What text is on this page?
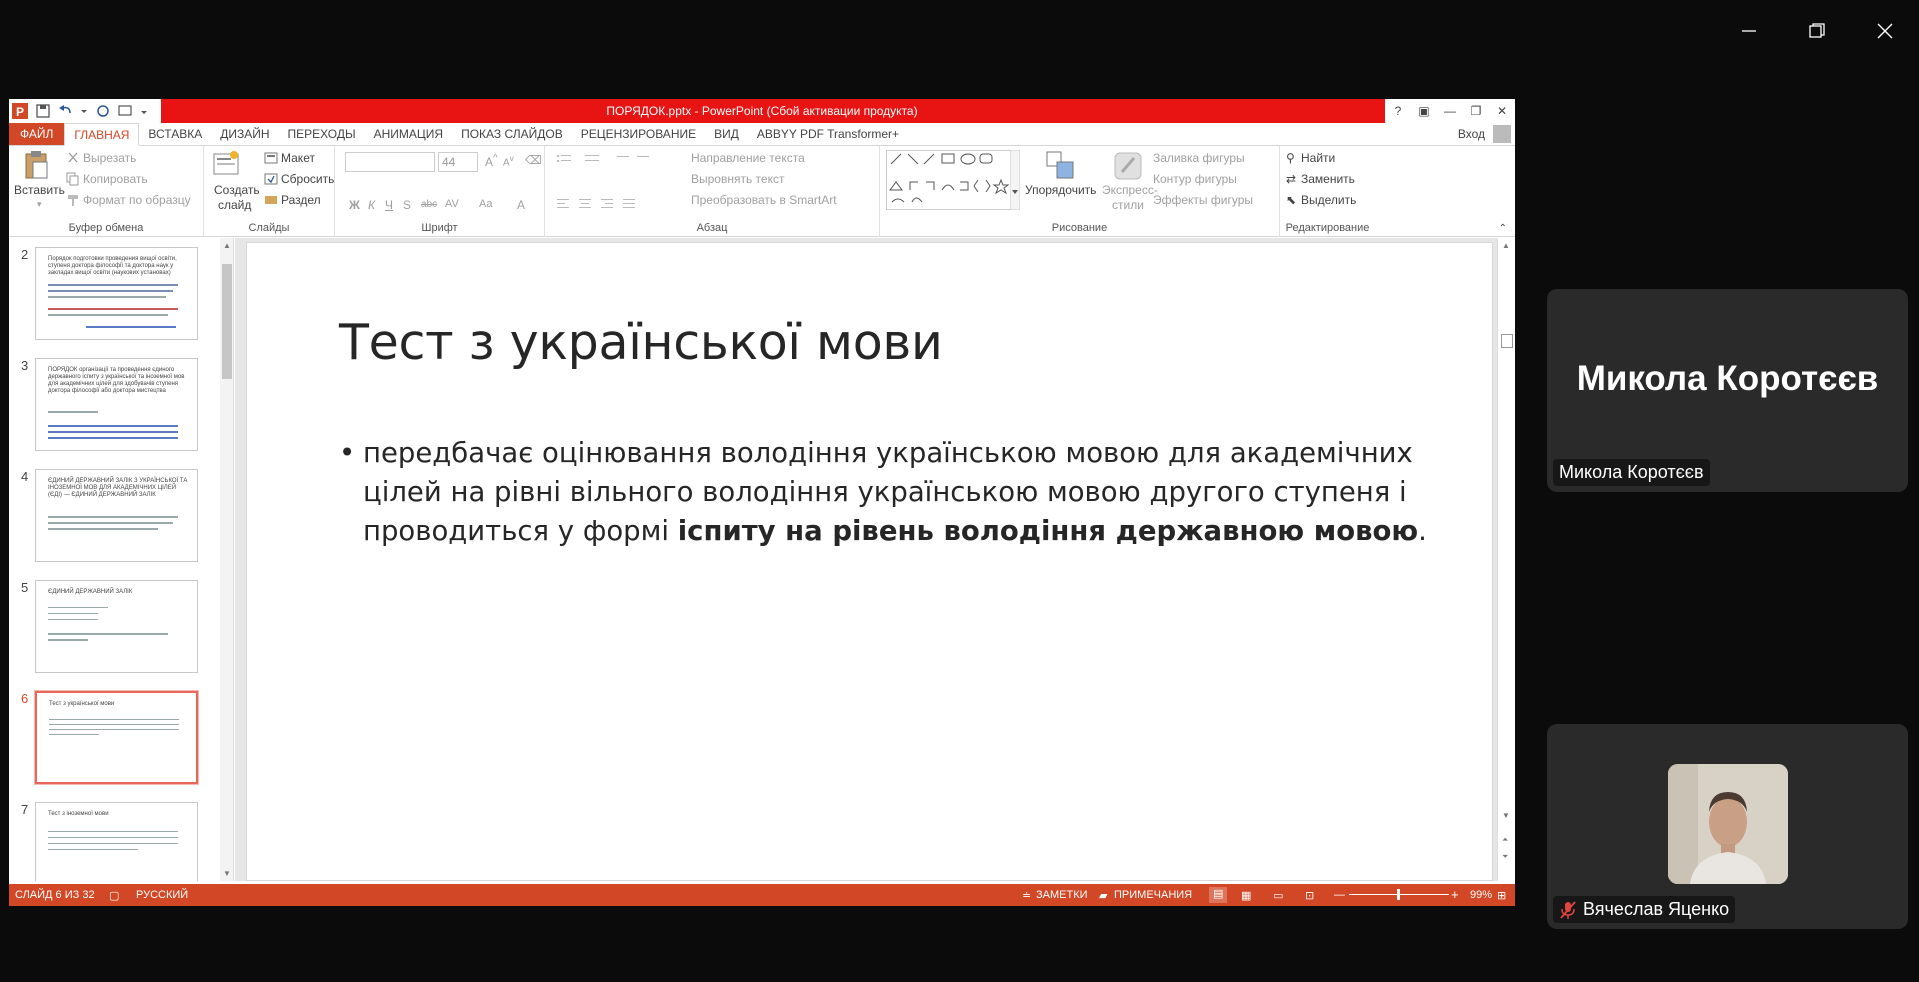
P	ПОРЯДОК.pptx - PowerPoint (Сбой активации продукта)	?	▣	—	❐	✕
ФАЙЛ	ГЛАВНАЯ	ВСТАВКА	ДИЗАЙН	ПЕРЕХОДЫ	АНИМАЦИЯ	ПОКАЗ СЛАЙДОВ	РЕЦЕНЗИРОВАНИЕ	ВИД	ABBYY PDF Transformer+	Вход
Вставить
▾
Вырезать
Копировать
Формат по образцу
Буфер обмена
Создать
слайд
Макет
Сбросить
Раздел
Слайды
44	A^ $A^v$ ⌫
Ж К Ч S abc AV Aa A
Шрифт
Направление текста
Выровнять текст
Преобразовать в SmartArt
Абзац
Упорядочить Экспресс-
стили
Заливка фигуры
Контур фигуры
Эффекты фигуры
Рисование
⚲ Найти
⇄ Заменить
⬉ Выделить
Редактирование	⌃
2	Порядок подготовки проведения вищої освіти, ступеня доктора філософії та доктора наук у закладах вищої освіти (наукових установах)
3	ПОРЯДОК організації та проведення єдиного державного іспиту з української та іноземної мов для академічних цілей для здобувачів ступеня доктора філософії або доктора мистецтва
4	ЄДИНИЙ ДЕРЖАВНИЙ ЗАЛІК З УКРАЇНСЬКОЇ ТА ІНОЗЕМНОЇ МОВ ДЛЯ АКАДЕМІЧНИХ ЦІЛЕЙ (ЄДІ) — ЄДИНИЙ ДЕРЖАВНИЙ ЗАЛІК
5	ЄДИНИЙ ДЕРЖАВНИЙ ЗАЛІК
6	Тест з української мови
7	Тест з іноземної мови
▲
▼
Тест з української мови
• передбачає оцінювання володіння українською мовою для академічних цілей на рівні вільного володіння українською мовою другого ступеня і проводиться у формі іспиту на рівень володіння державною мовою.
▲
▼
⏶
⏷
СЛАЙД 6 ИЗ 32 ▢ РУССКИЙ	≐ ЗАМЕТКИ ▰ ПРИМЕЧАНИЯ	▤	▦ ▭ ⊡ —	+ 99% ⊞
Микола Коротєєв
Микола Коротєєв
Вячеслав Яценко
